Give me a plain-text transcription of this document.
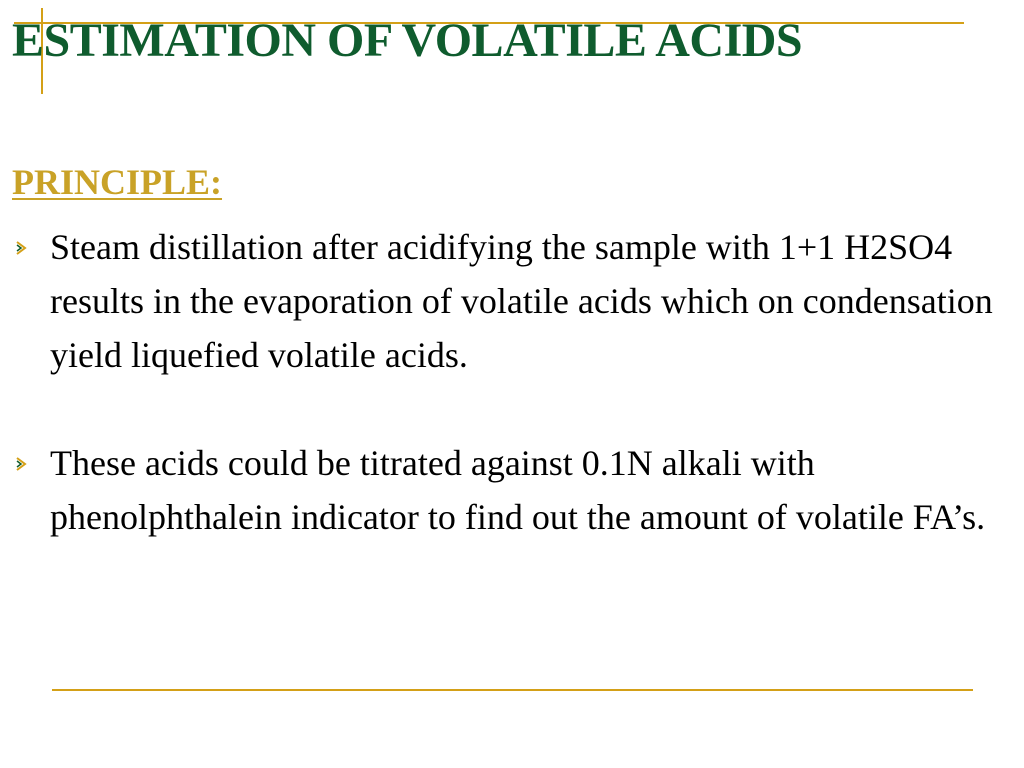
ESTIMATION OF VOLATILE ACIDS
PRINCIPLE:
Steam distillation after acidifying the sample with 1+1 H2SO4 results in the evaporation of volatile acids which on condensation yield liquefied volatile acids.
These acids could be titrated against 0.1N alkali with phenolphthalein indicator to find out the amount of volatile FA’s.
